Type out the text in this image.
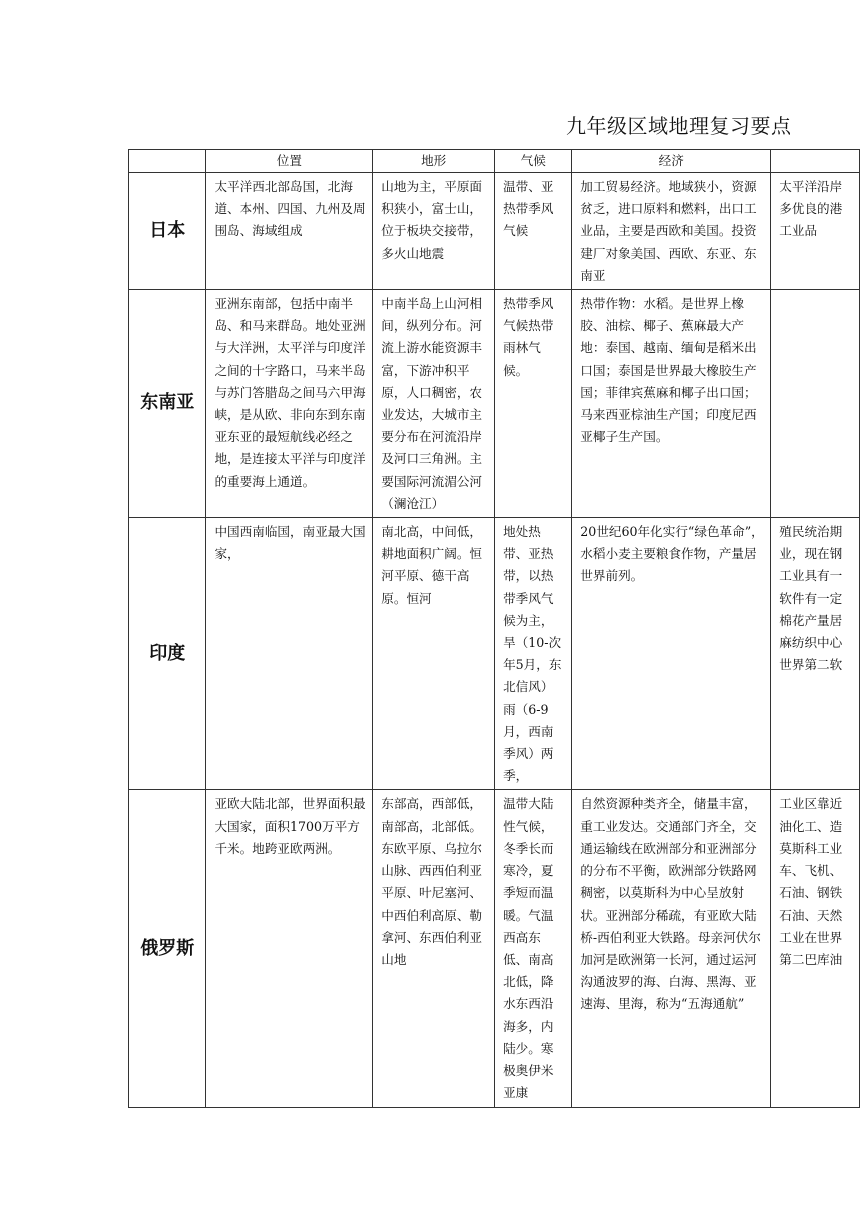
九年级区域地理复习要点
	位置	地形	气候	经济	
日本	太平洋西北部岛国，北海道、本州、四国、九州及周围岛、海域组成	山地为主，平原面积狭小，富士山，位于板块交接带，多火山地震	温带、亚热带季风气候	加工贸易经济。地域狭小，资源贫乏，进口原料和燃料，出口工业品，主要是西欧和美国。投资建厂对象美国、西欧、东亚、东南亚	太平洋沿岸多优良的港工业品
东南亚	亚洲东南部，包括中南半岛、和马来群岛。地处亚洲与大洋洲，太平洋与印度洋之间的十字路口，马来半岛与苏门答腊岛之间马六甲海峡，是从欧、非向东到东南亚东亚的最短航线必经之地，是连接太平洋与印度洋的重要海上通道。	中南半岛上山河相间，纵列分布。河流上游水能资源丰富，下游冲积平原，人口稠密，农业发达，大城市主要分布在河流沿岸及河口三角洲。主要国际河流湄公河（澜沧江）	热带季风气候热带雨林气候。	热带作物：水稻。是世界上橡胶、油棕、椰子、蕉麻最大产地：泰国、越南、缅甸是稻米出口国；泰国是世界最大橡胶生产国；菲律宾蕉麻和椰子出口国；马来西亚棕油生产国；印度尼西亚椰子生产国。	
印度	中国西南临国，南亚最大国家，	南北高，中间低，耕地面积广阔。恒河平原、德干高原。恒河	地处热带、亚热带，以热带季风气候为主，旱（10-次年5月，东北信风）雨（6-9月，西南季风）两季，	20世纪60年化实行“绿色革命”，水稻小麦主要粮食作物，产量居世界前列。	殖民统治期业，现在钢工业具有一软件有一定棉花产量居麻纺织中心世界第二软
俄罗斯	亚欧大陆北部，世界面积最大国家，面积1700万平方千米。地跨亚欧两洲。	东部高，西部低，南部高，北部低。东欧平原、乌拉尔山脉、西西伯利亚平原、叶尼塞河、中西伯利高原、勒拿河、东西伯利亚山地	温带大陆性气候，冬季长而寒冷，夏季短而温暖。气温西高东低、南高北低，降水东西沿海多，内陆少。寒极奥伊米亚康	自然资源种类齐全，储量丰富，重工业发达。交通部门齐全，交通运输线在欧洲部分和亚洲部分的分布不平衡，欧洲部分铁路网稠密，以莫斯科为中心呈放射状。亚洲部分稀疏，有亚欧大陆桥-西伯利亚大铁路。母亲河伏尔加河是欧洲第一长河，通过运河沟通波罗的海、白海、黑海、亚速海、里海，称为“五海通航”	工业区靠近油化工、造莫斯科工业车、飞机、石油、钢铁石油、天然工业在世界第二巴库油
